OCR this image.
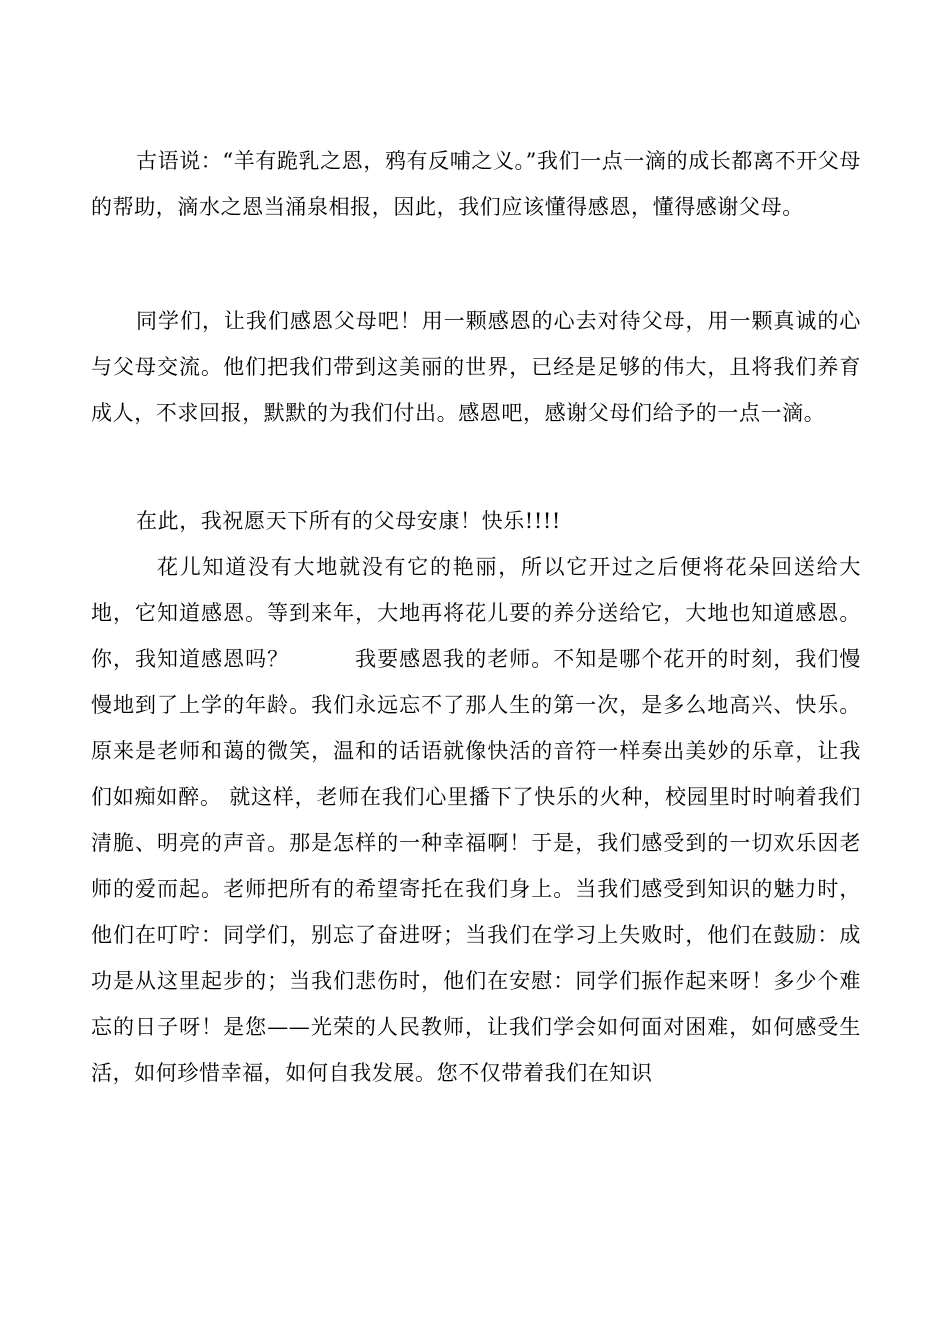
古语说：“羊有跪乳之恩，鸦有反哺之义。”我们一点一滴的成长都离不开父母的帮助，滴水之恩当涌泉相报，因此，我们应该懂得感恩，懂得感谢父母。

同学们，让我们感恩父母吧！用一颗感恩的心去对待父母，用一颗真诚的心与父母交流。他们把我们带到这美丽的世界，已经是足够的伟大，且将我们养育成人，不求回报，默默的为我们付出。感恩吧，感谢父母们给予的一点一滴。

在此，我祝愿天下所有的父母安康！快乐!!!!

花儿知道没有大地就没有它的艳丽，所以它开过之后便将花朵回送给大地，它知道感恩。等到来年，大地再将花儿要的养分送给它，大地也知道感恩。你，我知道感恩吗？　　　我要感恩我的老师。不知是哪个花开的时刻，我们慢慢地到了上学的年龄。我们永远忘不了那人生的第一次，是多么地高兴、快乐。原来是老师和蔼的微笑，温和的话语就像快活的音符一样奏出美妙的乐章，让我们如痴如醉。 就这样，老师在我们心里播下了快乐的火种，校园里时时响着我们清脆、明亮的声音。那是怎样的一种幸福啊！于是，我们感受到的一切欢乐因老师的爱而起。老师把所有的希望寄托在我们身上。当我们感受到知识的魅力时，他们在叮咛：同学们，别忘了奋进呀；当我们在学习上失败时，他们在鼓励：成功是从这里起步的；当我们悲伤时，他们在安慰：同学们振作起来呀！多少个难忘的日子呀！是您——光荣的人民教师，让我们学会如何面对困难，如何感受生活，如何珍惜幸福，如何自我发展。您不仅带着我们在知识
